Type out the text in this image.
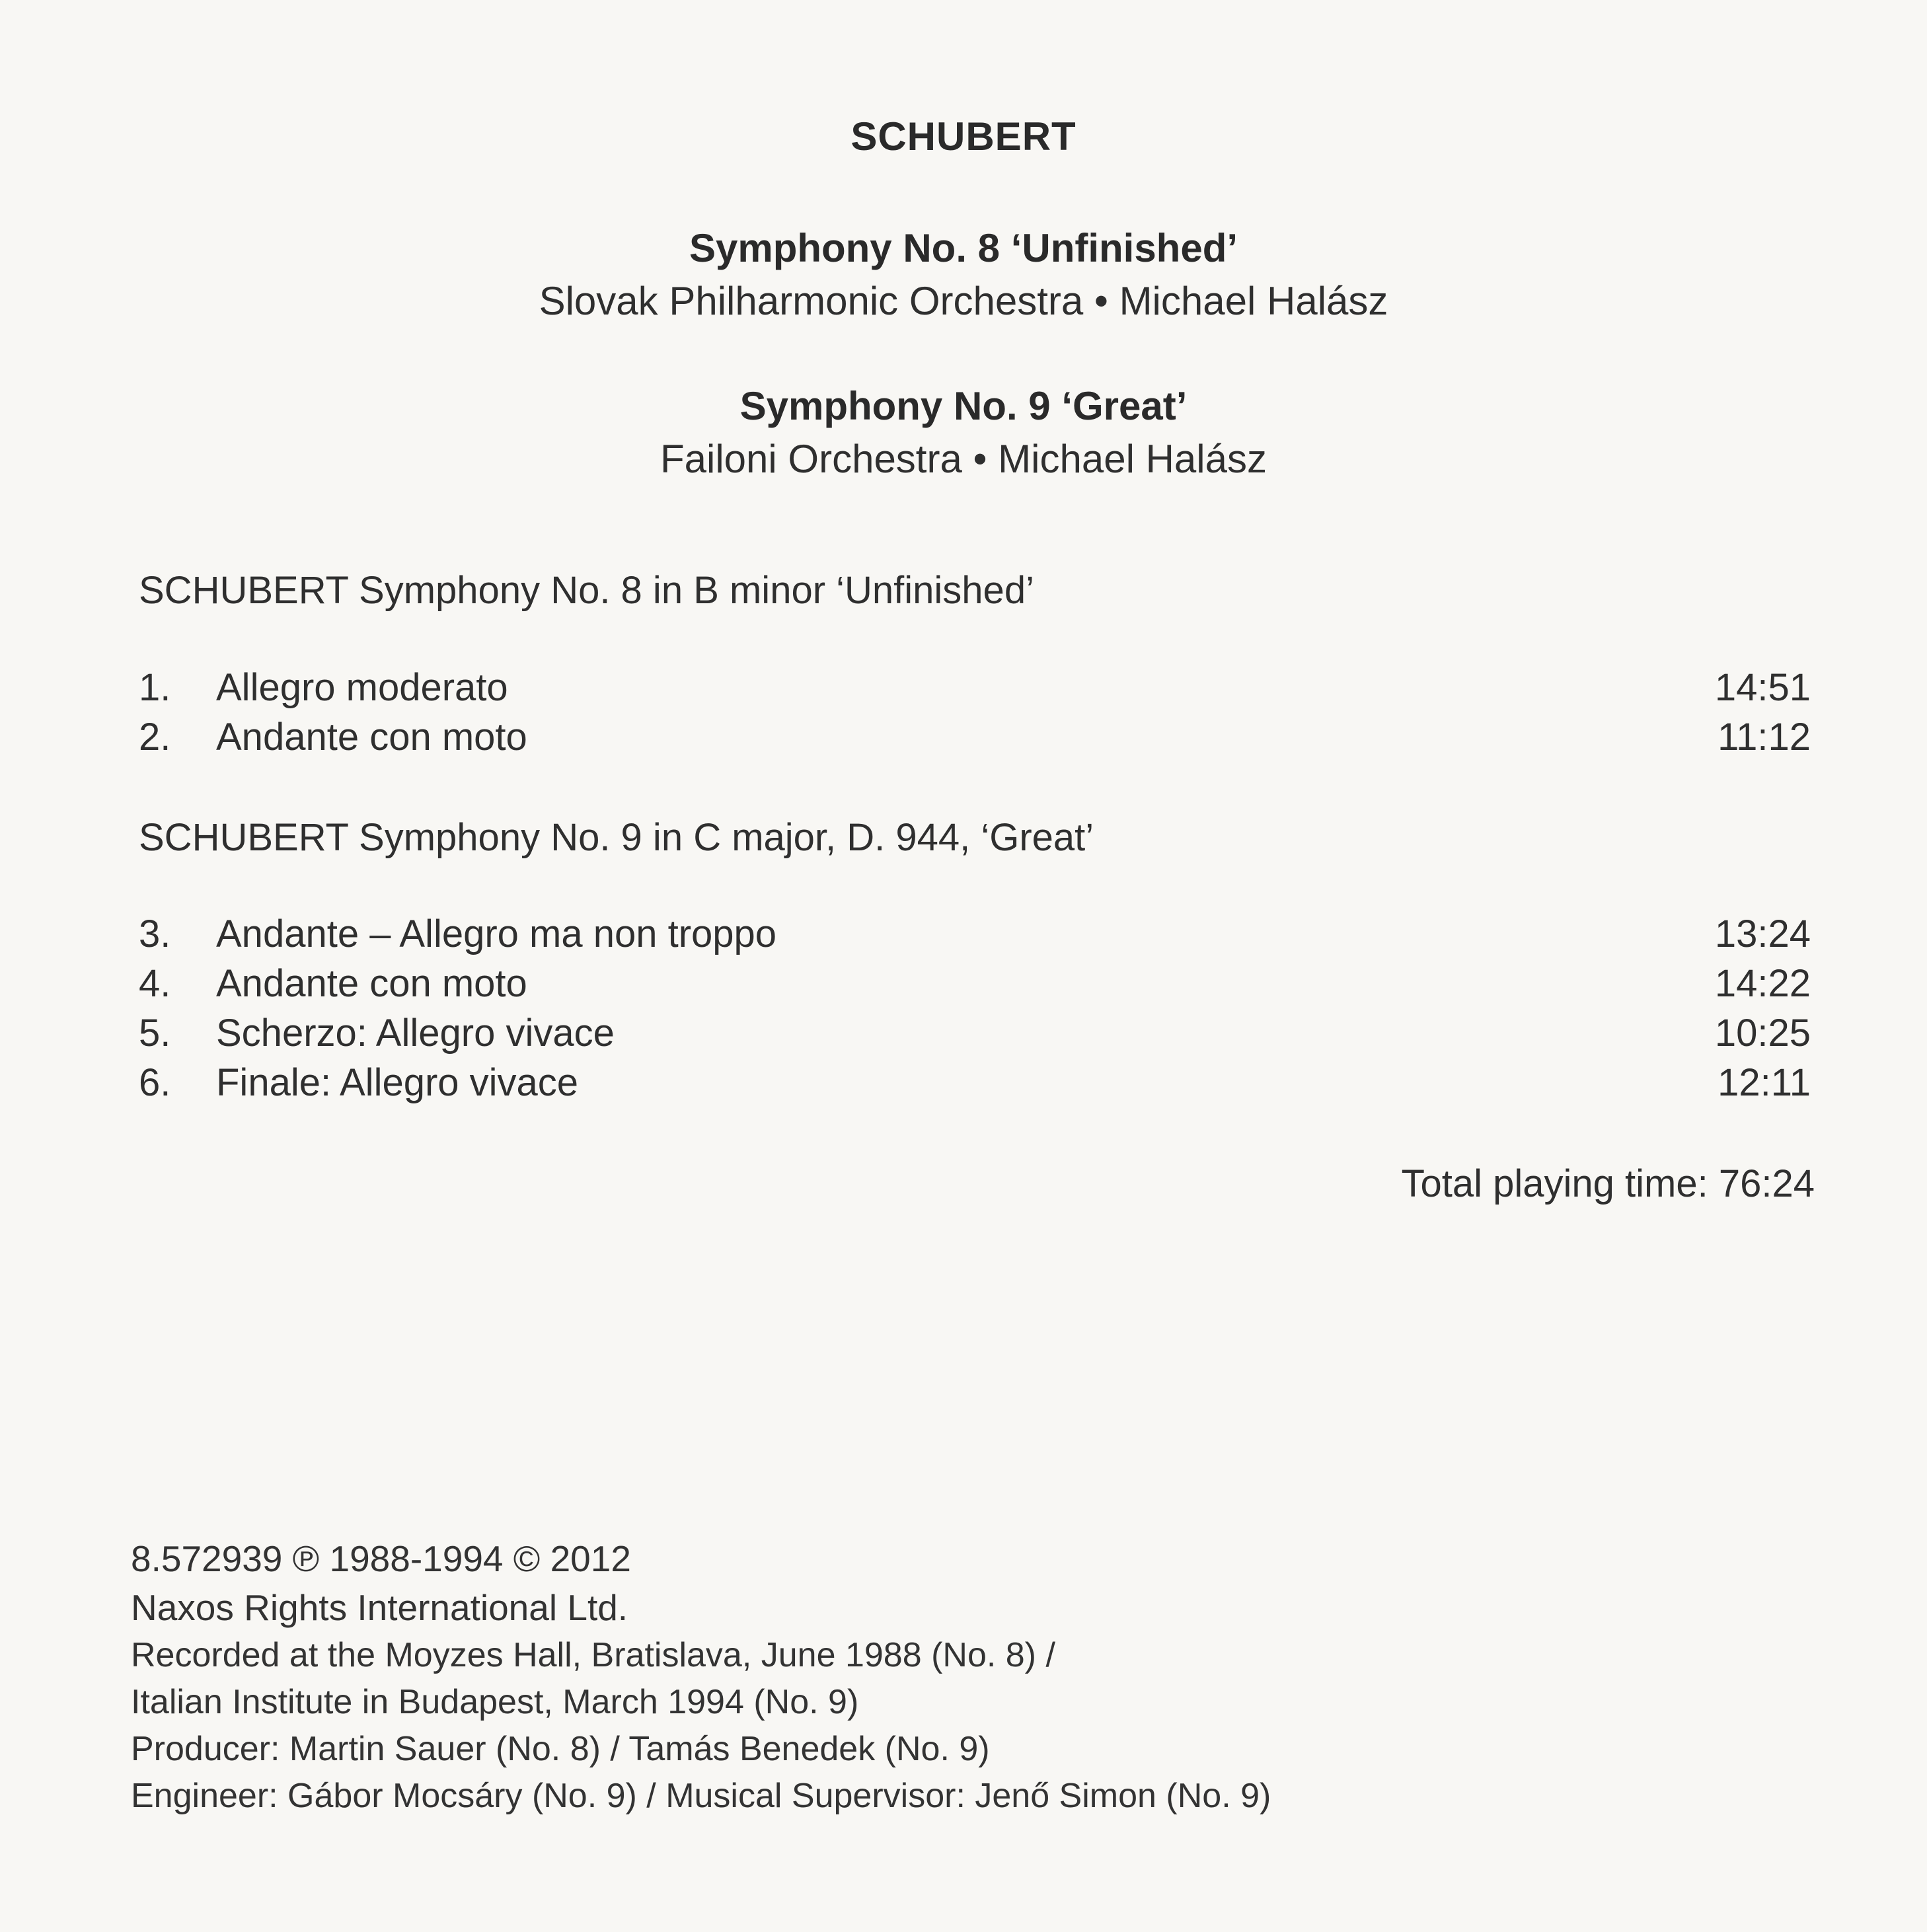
SCHUBERT
Symphony No. 8 ‘Unfinished’
Slovak Philharmonic Orchestra • Michael Halász
Symphony No. 9 ‘Great’
Failoni Orchestra • Michael Halász
SCHUBERT Symphony No. 8 in B minor ‘Unfinished’
1. Allegro moderato	14:51
2. Andante con moto	11:12
SCHUBERT Symphony No. 9 in C major, D. 944, ‘Great’
3. Andante – Allegro ma non troppo	13:24
4. Andante con moto	14:22
5. Scherzo: Allegro vivace	10:25
6. Finale: Allegro vivace	12:11
Total playing time: 76:24
8.572939 ℗ 1988-1994 © 2012
Naxos Rights International Ltd.
Recorded at the Moyzes Hall, Bratislava, June 1988 (No. 8) /
Italian Institute in Budapest, March 1994 (No. 9)
Producer: Martin Sauer (No. 8) / Tamás Benedek (No. 9)
Engineer: Gábor Mocsáry (No. 9) / Musical Supervisor: Jenő Simon (No. 9)
